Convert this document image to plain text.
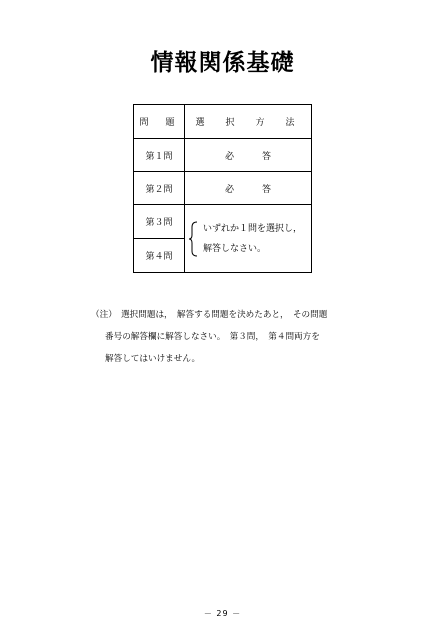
情報関係基礎
問　題	選　択　方　法
第１問	必 答

第２問	必 答

第３問	いずれか１問を選択し，
解答しなさい。

第４問	
（注）　選択問題は，　解答する問題を決めたあと，　その問題
番号の解答欄に解答しなさい。　第３問，　第４問両方を
解答してはいけません。
－ 29 －
